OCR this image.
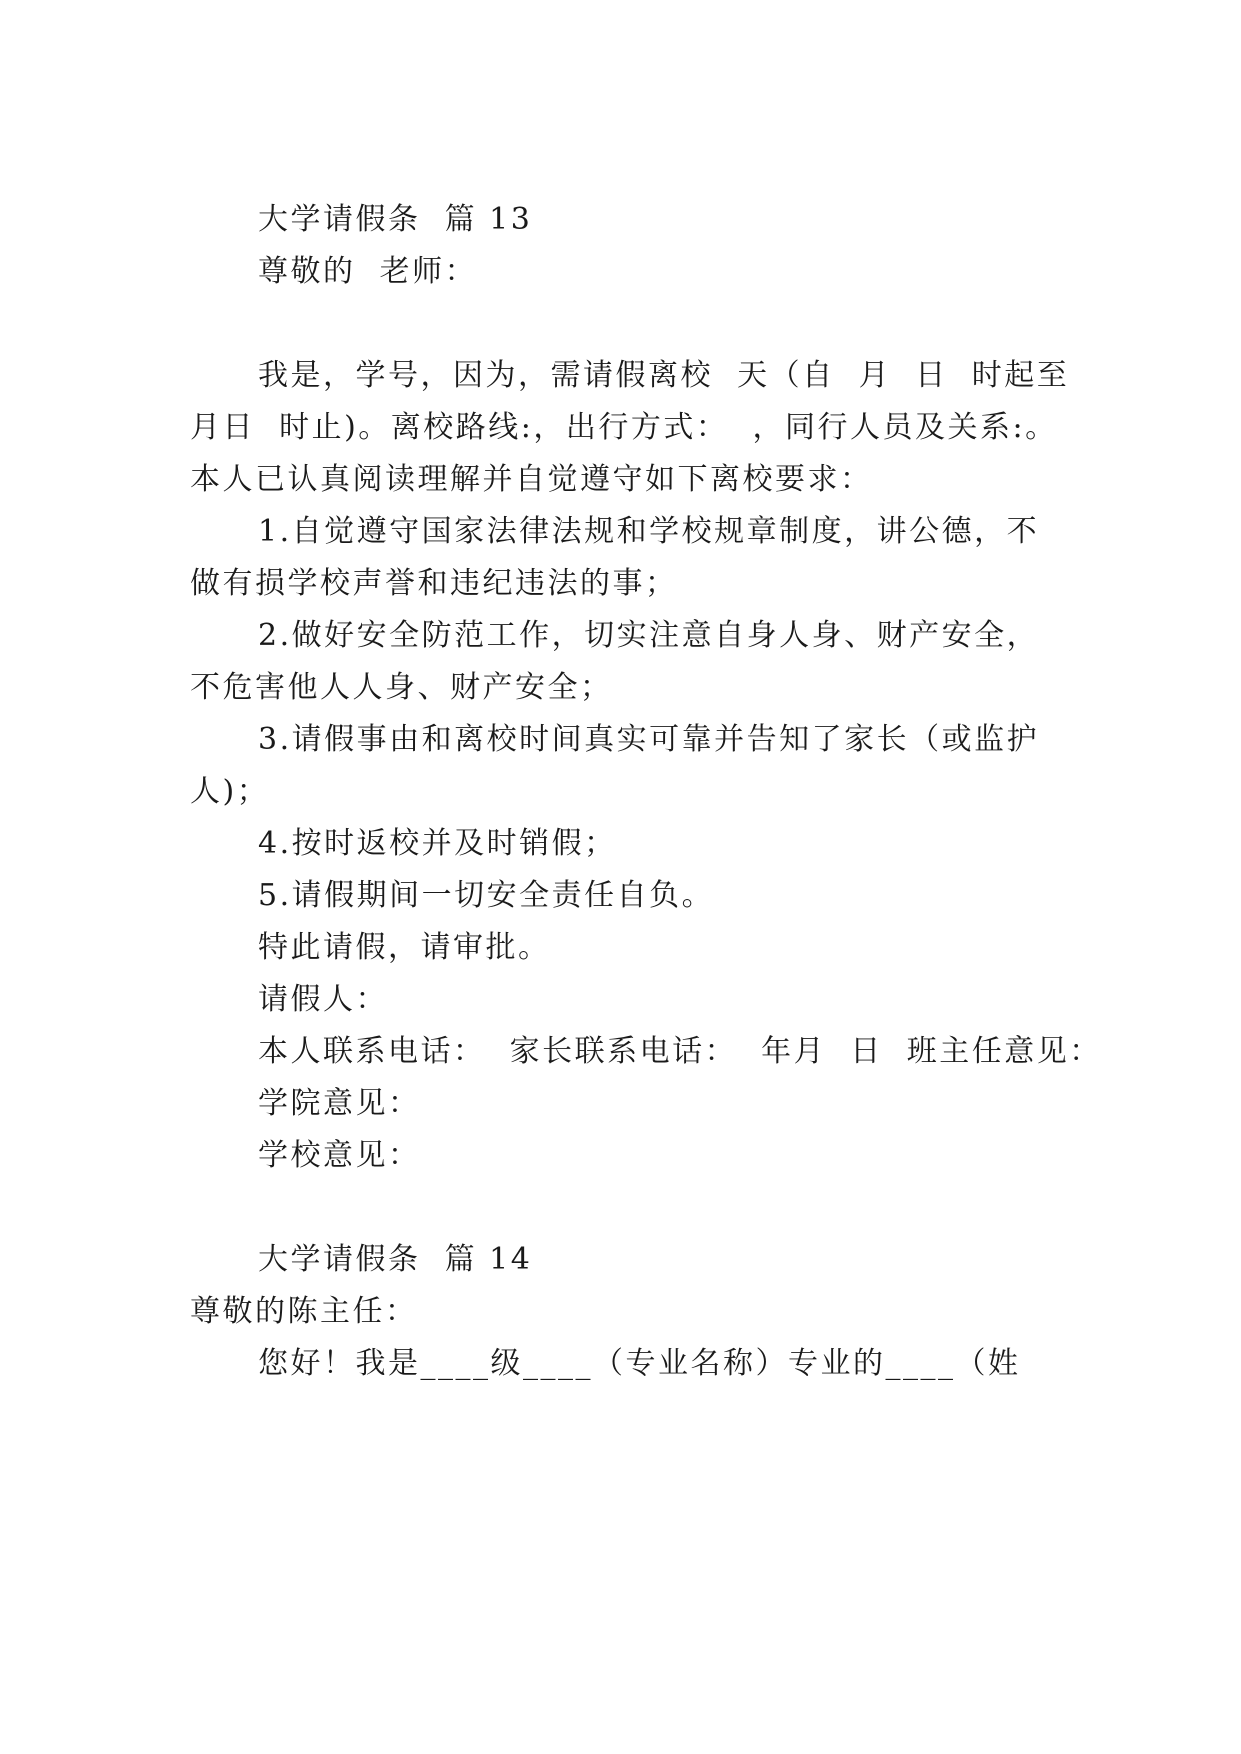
大学请假条  篇 13
尊敬的  老师：
我是，学号，因为，需请假离校  天（自  月  日  时起至
月日  时止)。离校路线:，出行方式：  ，同行人员及关系:。
本人已认真阅读理解并自觉遵守如下离校要求：
1.自觉遵守国家法律法规和学校规章制度，讲公德，不
做有损学校声誉和违纪违法的事；
2.做好安全防范工作，切实注意自身人身、财产安全，
不危害他人人身、财产安全；
3.请假事由和离校时间真实可靠并告知了家长（或监护
人)；
4.按时返校并及时销假；
5.请假期间一切安全责任自负。
特此请假，请审批。
请假人：
本人联系电话：  家长联系电话：  年月  日  班主任意见：
学院意见：
学校意见：
大学请假条  篇 14
尊敬的陈主任：
您好！我是____级____（专业名称）专业的____（姓
